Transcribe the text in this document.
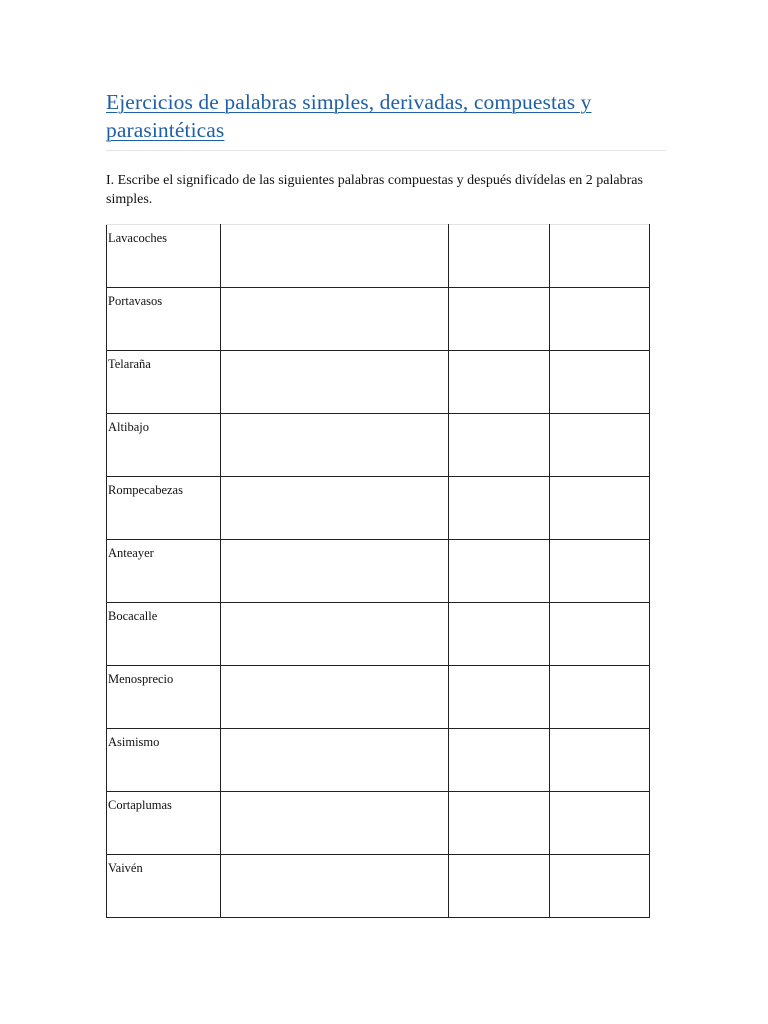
Ejercicios de palabras simples, derivadas, compuestas y parasintéticas

I. Escribe el significado de las siguientes palabras compuestas y después divídelas en 2 palabras simples.

Lavacoches			

Portavasos			

Telaraña			

Altibajo			

Rompecabezas			

Anteayer			

Bocacalle			

Menosprecio			

Asimismo			

Cortaplumas			

Vaivén			
